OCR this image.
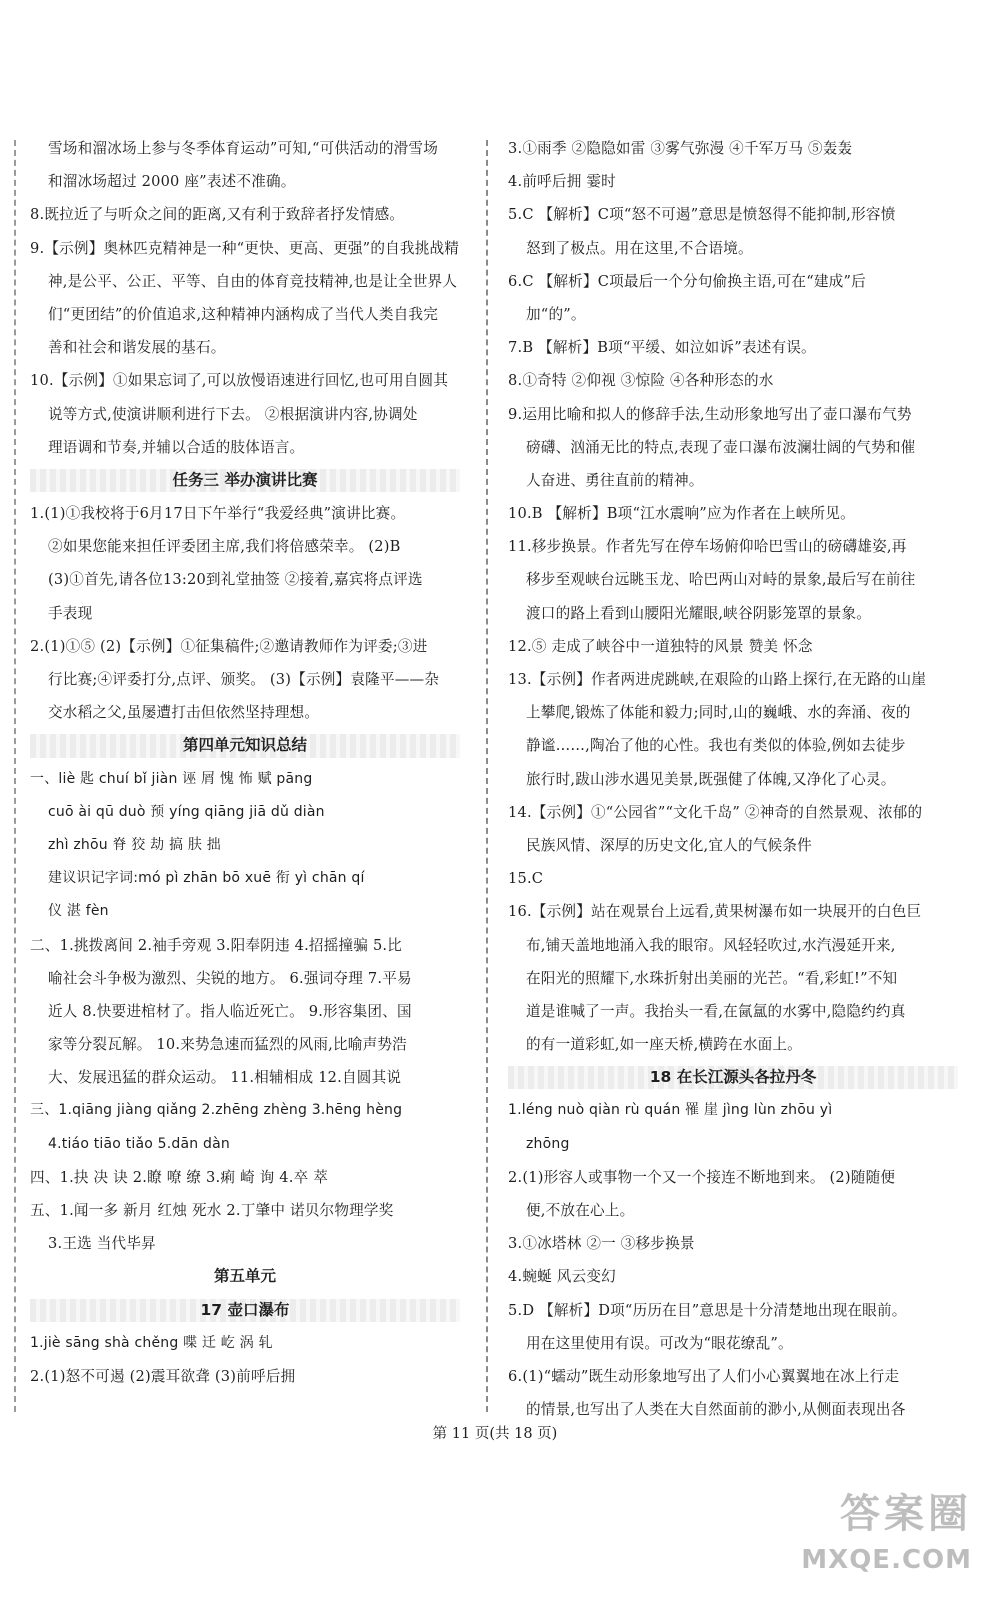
雪场和溜冰场上参与冬季体育运动”可知,“可供活动的滑雪场
和溜冰场超过 2000 座”表述不准确。
8.既拉近了与听众之间的距离,又有利于致辞者抒发情感。
9.【示例】奥林匹克精神是一种“更快、更高、更强”的自我挑战精
神,是公平、公正、平等、自由的体育竞技精神,也是让全世界人
们“更团结”的价值追求,这种精神内涵构成了当代人类自我完
善和社会和谐发展的基石。
10.【示例】①如果忘词了,可以放慢语速进行回忆,也可用自圆其
说等方式,使演讲顺利进行下去。 ②根据演讲内容,协调处
理语调和节奏,并辅以合适的肢体语言。
任务三 举办演讲比赛
1.(1)①我校将于6月17日下午举行“我爱经典”演讲比赛。
②如果您能来担任评委团主席,我们将倍感荣幸。 (2)B
(3)①首先,请各位13:20到礼堂抽签 ②接着,嘉宾将点评选
手表现
2.(1)①⑤ (2)【示例】①征集稿件;②邀请教师作为评委;③进
行比赛;④评委打分,点评、颁奖。 (3)【示例】袁隆平——杂
交水稻之父,虽屡遭打击但依然坚持理想。
第四单元知识总结
一、liè 匙 chuí bǐ jiàn 诬 屑 愧 怖 赋 pāng
cuō ài qū duò 预 yíng qiāng jiā dǔ diàn
zhì zhōu 脊 狡 劫 搞 肤 拙
建议识记字词:mó pì zhān bō xuē 衔 yì chān qí
仪 湛 fèn
二、1.挑拨离间 2.袖手旁观 3.阳奉阴违 4.招摇撞骗 5.比
喻社会斗争极为激烈、尖锐的地方。 6.强词夺理 7.平易
近人 8.快要进棺材了。指人临近死亡。 9.形容集团、国
家等分裂瓦解。 10.来势急速而猛烈的风雨,比喻声势浩
大、发展迅猛的群众运动。 11.相辅相成 12.自圆其说
三、1.qiāng jiàng qiǎng 2.zhēng zhèng 3.hēng hèng
4.tiáo tiāo tiǎo 5.dān dàn
四、1.抉 决 诀 2.瞭 嘹 缭 3.痢 崎 询 4.卒 萃
五、1.闻一多 新月 红烛 死水 2.丁肇中 诺贝尔物理学奖
3.王选 当代毕昇
第五单元
17 壶口瀑布
1.jiè sāng shà chěng 喋 迁 屹 涡 轧
2.(1)怒不可遏 (2)震耳欲聋 (3)前呼后拥
3.①雨季 ②隐隐如雷 ③雾气弥漫 ④千军万马 ⑤轰轰
4.前呼后拥 霎时
5.C 【解析】C项“怒不可遏”意思是愤怒得不能抑制,形容愤
怒到了极点。用在这里,不合语境。
6.C 【解析】C项最后一个分句偷换主语,可在“建成”后
加“的”。
7.B 【解析】B项“平缓、如泣如诉”表述有误。
8.①奇特 ②仰视 ③惊险 ④各种形态的水
9.运用比喻和拟人的修辞手法,生动形象地写出了壶口瀑布气势
磅礴、汹涌无比的特点,表现了壶口瀑布波澜壮阔的气势和催
人奋进、勇往直前的精神。
10.B 【解析】B项“江水震响”应为作者在上峡所见。
11.移步换景。作者先写在停车场俯仰哈巴雪山的磅礴雄姿,再
移步至观峡台远眺玉龙、哈巴两山对峙的景象,最后写在前往
渡口的路上看到山腰阳光耀眼,峡谷阴影笼罩的景象。
12.⑤ 走成了峡谷中一道独特的风景 赞美 怀念
13.【示例】作者两进虎跳峡,在艰险的山路上探行,在无路的山崖
上攀爬,锻炼了体能和毅力;同时,山的巍峨、水的奔涌、夜的
静谧……,陶冶了他的心性。我也有类似的体验,例如去徒步
旅行时,跋山涉水遇见美景,既强健了体魄,又净化了心灵。
14.【示例】①“公园省”“文化千岛” ②神奇的自然景观、浓郁的
民族风情、深厚的历史文化,宜人的气候条件
15.C
16.【示例】站在观景台上远看,黄果树瀑布如一块展开的白色巨
布,铺天盖地地涌入我的眼帘。风轻轻吹过,水汽漫延开来,
在阳光的照耀下,水珠折射出美丽的光芒。“看,彩虹!”不知
道是谁喊了一声。我抬头一看,在氤氲的水雾中,隐隐约约真
的有一道彩虹,如一座天桥,横跨在水面上。
18 在长江源头各拉丹冬
1.léng nuò qiàn rù quán 罹 崖 jìng lùn zhōu yì
zhōng
2.(1)形容人或事物一个又一个接连不断地到来。 (2)随随便
便,不放在心上。
3.①冰塔林 ②一 ③移步换景
4.蜿蜒 风云变幻
5.D 【解析】D项“历历在目”意思是十分清楚地出现在眼前。
用在这里使用有误。可改为“眼花缭乱”。
6.(1)“蠕动”既生动形象地写出了人们小心翼翼地在冰上行走
的情景,也写出了人类在大自然面前的渺小,从侧面表现出各
第 11 页(共 18 页)
答案圈
MXQE.COM
